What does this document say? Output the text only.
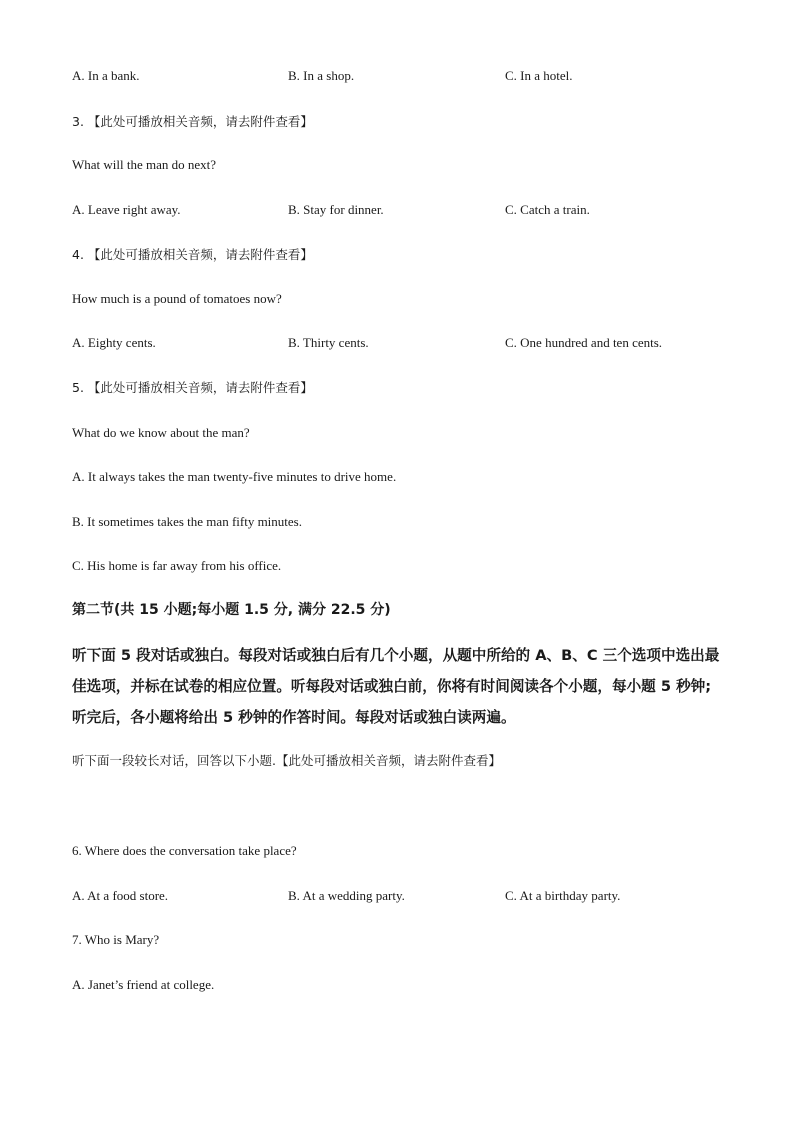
A. In a bank.	B. In a shop.	C. In a hotel.
3. 【此处可播放相关音频，请去附件查看】
What will the man do next?
A. Leave right away.	B. Stay for dinner.	C. Catch a train.
4. 【此处可播放相关音频，请去附件查看】
How much is a pound of tomatoes now?
A. Eighty cents.	B. Thirty cents.	C. One hundred and ten cents.
5. 【此处可播放相关音频，请去附件查看】
What do we know about the man?
A. It always takes the man twenty-five minutes to drive home.
B. It sometimes takes the man fifty minutes.
C. His home is far away from his office.
第二节(共 15 小题;每小题 1.5 分, 满分 22.5 分)
听下面 5 段对话或独白。每段对话或独白后有几个小题，从题中所给的 A、B、C 三个选项中选出最佳选项，并标在试卷的相应位置。听每段对话或独白前，你将有时间阅读各个小题，每小题 5 秒钟;听完后，各小题将给出 5 秒钟的作答时间。每段对话或独白读两遍。
听下面一段较长对话，回答以下小题.【此处可播放相关音频，请去附件查看】
6. Where does the conversation take place?
A. At a food store.	B. At a wedding party.	C. At a birthday party.
7. Who is Mary?
A. Janet’s friend at college.
